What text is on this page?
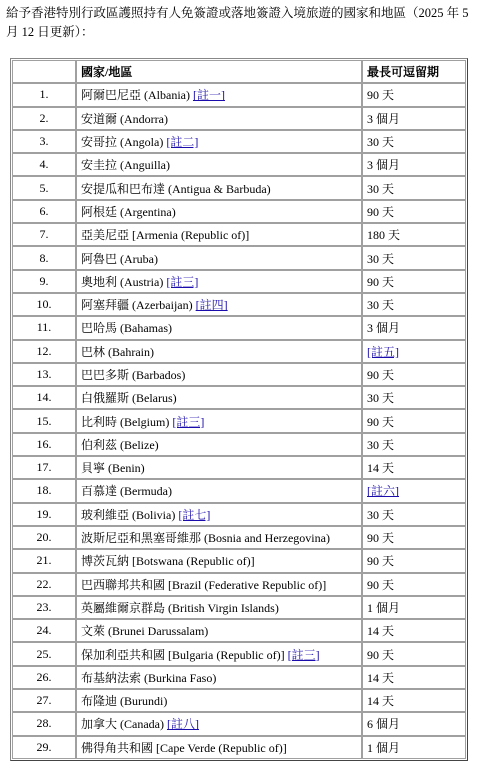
給予香港特別行政區護照持有人免簽證或落地簽證入境旅遊的國家和地區（2025 年 5 月 12 日更新）：
	國家/地區	最長可逗留期
1.	阿爾巴尼亞 (Albania) [註一]	90 天
2.	安道爾 (Andorra)	3 個月
3.	安哥拉 (Angola) [註二]	30 天
4.	安圭拉 (Anguilla)	3 個月
5.	安提瓜和巴布達 (Antigua & Barbuda)	30 天
6.	阿根廷 (Argentina)	90 天
7.	亞美尼亞 [Armenia (Republic of)]	180 天
8.	阿魯巴 (Aruba)	30 天
9.	奧地利 (Austria) [註三]	90 天
10.	阿塞拜疆 (Azerbaijan) [註四]	30 天
11.	巴哈馬 (Bahamas)	3 個月
12.	巴林 (Bahrain)	[註五]
13.	巴巴多斯 (Barbados)	90 天
14.	白俄羅斯 (Belarus)	30 天
15.	比利時 (Belgium) [註三]	90 天
16.	伯利茲 (Belize)	30 天
17.	貝寧 (Benin)	14 天
18.	百慕達 (Bermuda)	[註六]
19.	玻利維亞 (Bolivia) [註七]	30 天
20.	波斯尼亞和黑塞哥維那 (Bosnia and Herzegovina)	90 天
21.	博茨瓦納 [Botswana (Republic of)]	90 天
22.	巴西聯邦共和國 [Brazil (Federative Republic of)]	90 天
23.	英屬維爾京群島 (British Virgin Islands)	1 個月
24.	文萊 (Brunei Darussalam)	14 天
25.	保加利亞共和國 [Bulgaria (Republic of)] [註三]	90 天
26.	布基納法索 (Burkina Faso)	14 天
27.	布隆迪 (Burundi)	14 天
28.	加拿大 (Canada) [註八]	6 個月
29.	佛得角共和國 [Cape Verde (Republic of)]	1 個月
